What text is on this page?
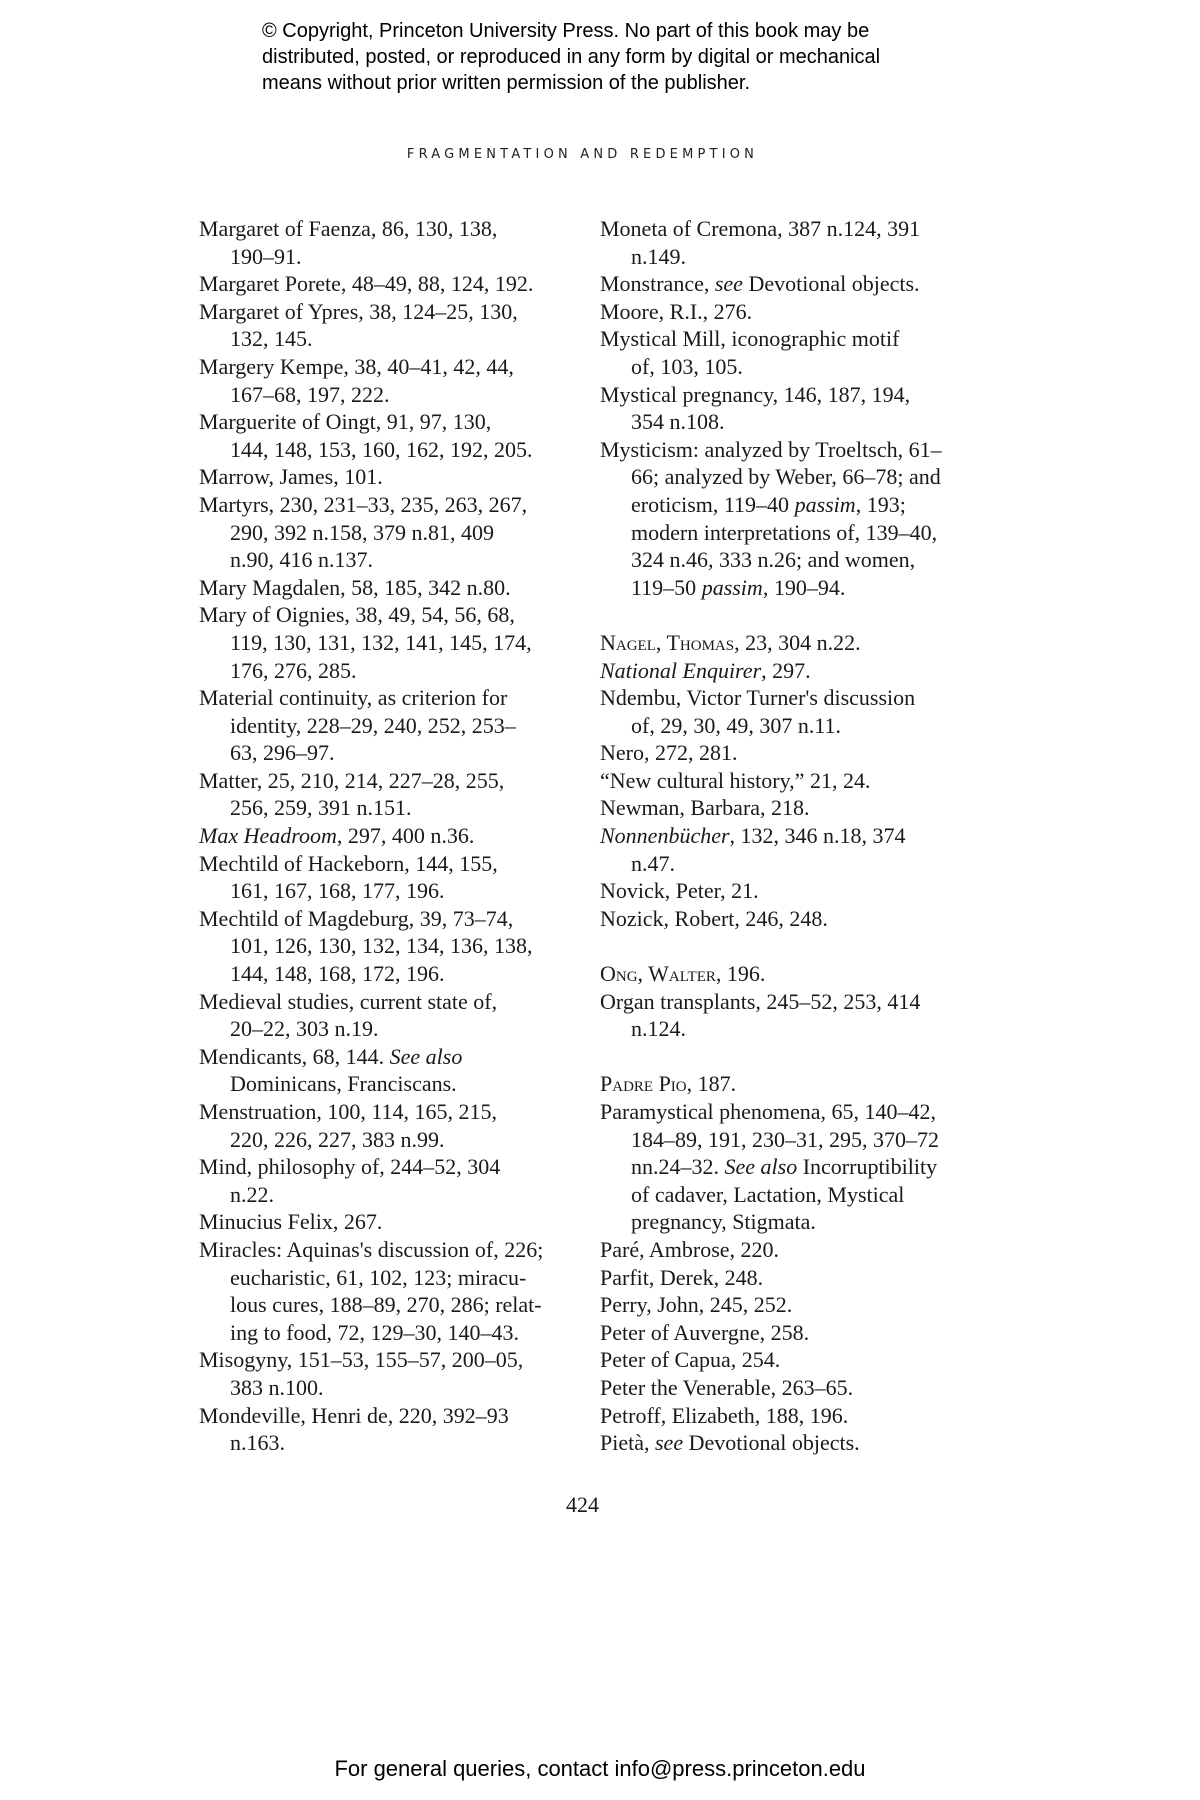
© Copyright, Princeton University Press. No part of this book may be
distributed, posted, or reproduced in any form by digital or mechanical
means without prior written permission of the publisher.
FRAGMENTATION AND REDEMPTION
Margaret of Faenza, 86, 130, 138,
190–91.
Margaret Porete, 48–49, 88, 124, 192.
Margaret of Ypres, 38, 124–25, 130,
132, 145.
Margery Kempe, 38, 40–41, 42, 44,
167–68, 197, 222.
Marguerite of Oingt, 91, 97, 130,
144, 148, 153, 160, 162, 192, 205.
Marrow, James, 101.
Martyrs, 230, 231–33, 235, 263, 267,
290, 392 n.158, 379 n.81, 409
n.90, 416 n.137.
Mary Magdalen, 58, 185, 342 n.80.
Mary of Oignies, 38, 49, 54, 56, 68,
119, 130, 131, 132, 141, 145, 174,
176, 276, 285.
Material continuity, as criterion for
identity, 228–29, 240, 252, 253–
63, 296–97.
Matter, 25, 210, 214, 227–28, 255,
256, 259, 391 n.151.
Max Headroom, 297, 400 n.36.
Mechtild of Hackeborn, 144, 155,
161, 167, 168, 177, 196.
Mechtild of Magdeburg, 39, 73–74,
101, 126, 130, 132, 134, 136, 138,
144, 148, 168, 172, 196.
Medieval studies, current state of,
20–22, 303 n.19.
Mendicants, 68, 144. See also
Dominicans, Franciscans.
Menstruation, 100, 114, 165, 215,
220, 226, 227, 383 n.99.
Mind, philosophy of, 244–52, 304
n.22.
Minucius Felix, 267.
Miracles: Aquinas's discussion of, 226;
eucharistic, 61, 102, 123; miracu-
lous cures, 188–89, 270, 286; relat-
ing to food, 72, 129–30, 140–43.
Misogyny, 151–53, 155–57, 200–05,
383 n.100.
Mondeville, Henri de, 220, 392–93
n.163.
Moneta of Cremona, 387 n.124, 391
n.149.
Monstrance, see Devotional objects.
Moore, R.I., 276.
Mystical Mill, iconographic motif
of, 103, 105.
Mystical pregnancy, 146, 187, 194,
354 n.108.
Mysticism: analyzed by Troeltsch, 61–
66; analyzed by Weber, 66–78; and
eroticism, 119–40 passim, 193;
modern interpretations of, 139–40,
324 n.46, 333 n.26; and women,
119–50 passim, 190–94.
Nagel, Thomas, 23, 304 n.22.
National Enquirer, 297.
Ndembu, Victor Turner's discussion
of, 29, 30, 49, 307 n.11.
Nero, 272, 281.
“New cultural history,” 21, 24.
Newman, Barbara, 218.
Nonnenbücher, 132, 346 n.18, 374
n.47.
Novick, Peter, 21.
Nozick, Robert, 246, 248.
Ong, Walter, 196.
Organ transplants, 245–52, 253, 414
n.124.
Padre Pio, 187.
Paramystical phenomena, 65, 140–42,
184–89, 191, 230–31, 295, 370–72
nn.24–32. See also Incorruptibility
of cadaver, Lactation, Mystical
pregnancy, Stigmata.
Paré, Ambrose, 220.
Parfit, Derek, 248.
Perry, John, 245, 252.
Peter of Auvergne, 258.
Peter of Capua, 254.
Peter the Venerable, 263–65.
Petroff, Elizabeth, 188, 196.
Pietà, see Devotional objects.
424
For general queries, contact info@press.princeton.edu
